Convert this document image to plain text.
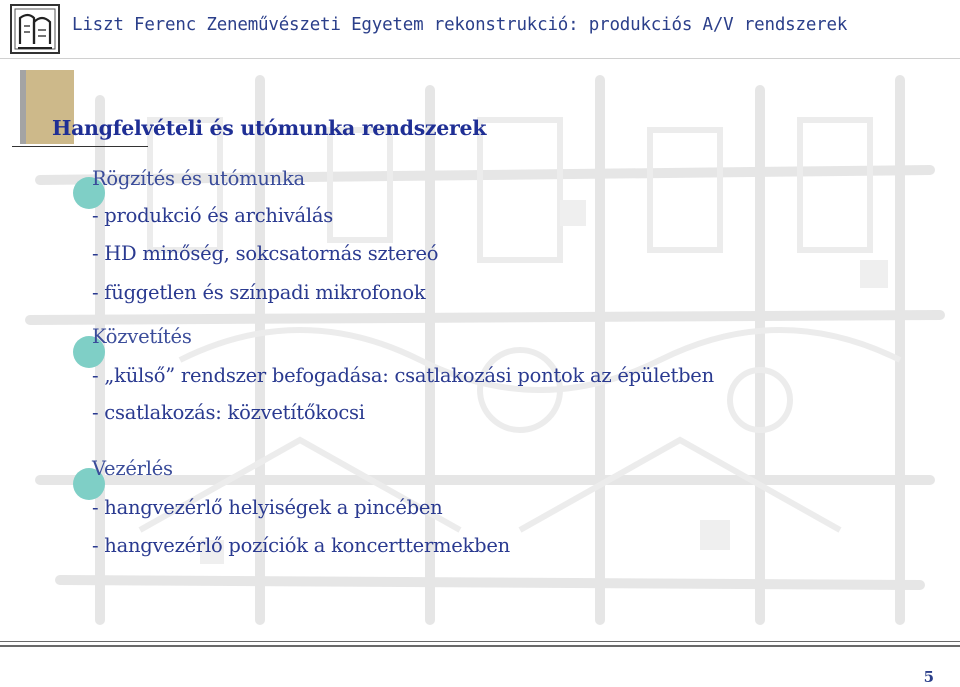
Liszt Ferenc Zeneművészeti Egyetem rekonstrukció: produkciós A/V rendszerek
Hangfelvételi és utómunka rendszerek
Rögzítés és utómunka
- produkció és archiválás
- HD minőség, sokcsatornás sztereó
- független és színpadi mikrofonok
Közvetítés
- „külső” rendszer befogadása: csatlakozási pontok az épületben
- csatlakozás: közvetítőkocsi
Vezérlés
- hangvezérlő helyiségek a pincében
- hangvezérlő pozíciók a koncerttermekben
5
